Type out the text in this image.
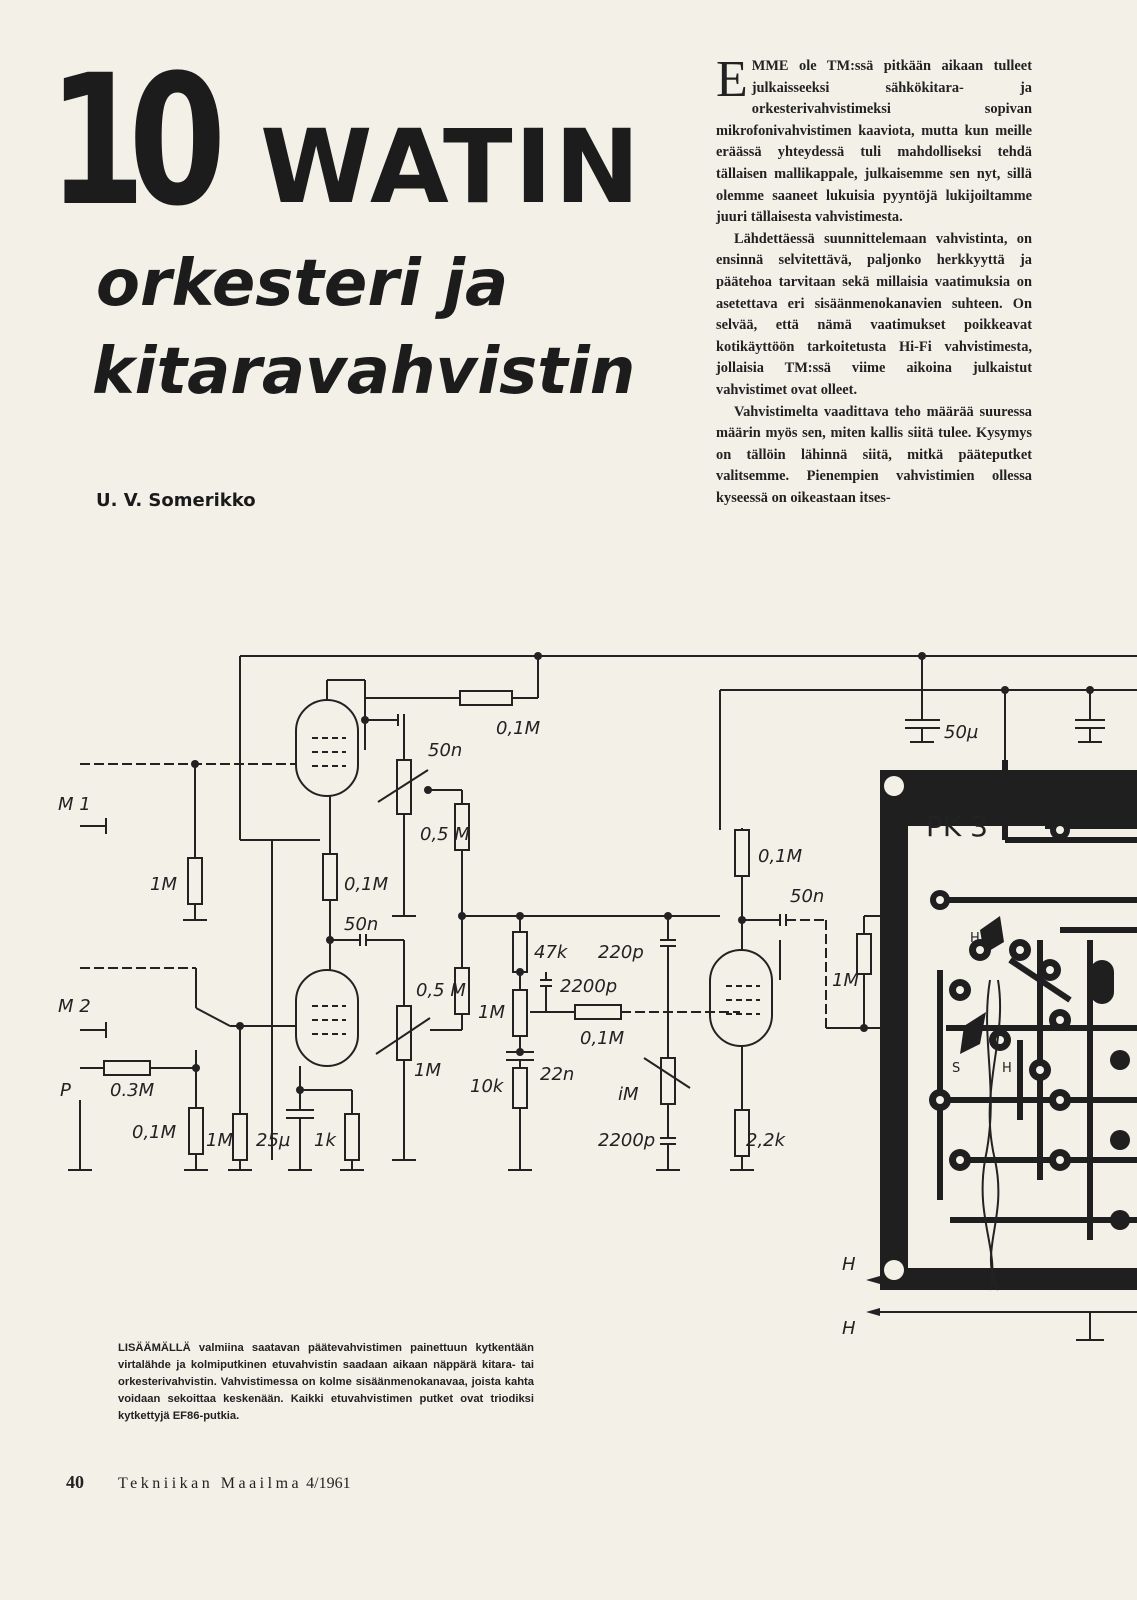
10 WATIN
orkesteri ja
kitaravahvistin
U. V. Somerikko

EMME ole TM:ssä pitkään aikaan tulleet julkaisseeksi sähkökitara- ja orkesterivahvistimeksi sopivan mikrofonivahvistimen kaaviota, mutta kun meille eräässä yhteydessä tuli mahdolliseksi tehdä tällaisen mallikappale, julkaisemme sen nyt, sillä olemme saaneet lukuisia pyyntöjä lukijoiltamme juuri tällaisesta vahvistimesta.

Lähdettäessä suunnittelemaan vahvistinta, on ensinnä selvitettävä, paljonko herkkyyttä ja päätehoa tarvitaan sekä millaisia vaatimuksia on asetettava eri sisäänmenokanavien suhteen. On selvää, että nämä vaatimukset poikkeavat kotikäyttöön tarkoitetusta Hi-Fi vahvistimesta, jollaisia TM:ssä viime aikoina julkaistut vahvistimet ovat olleet.

Vahvistimelta vaadittava teho määrää suuressa määrin myös sen, miten kallis siitä tulee. Kysymys on tällöin lähinnä siitä, mitkä pääteputket valitsemme. Pienempien vahvistimien ollessa kyseessä on oikeastaan itses-

0,1M
50n
0,5 M
0,1M
50n
0,5 M
1M
M 1
M 2
P
1M
0.3M
0,1M 1M 25µ 1k
47k 220p
2200p
1M
0,1M
10k
22n
iM
2200p
0,1M
50n
1M
2,2k
50µ
H
H
PK 3
H
S	H
LISÄÄMÄLLÄ valmiina saatavan päätevahvistimen painettuun kytkentään virtalähde ja kolmiputkinen etuvahvistin saadaan aikaan näppärä kitara- tai orkesterivahvistin. Vahvistimessa on kolme sisäänmenokanavaa, joista kahta voidaan sekoittaa keskenään. Kaikki etuvahvistimen putket ovat triodiksi kytkettyjä EF86-putkia.
40 Tekniikan Maailma 4/1961
